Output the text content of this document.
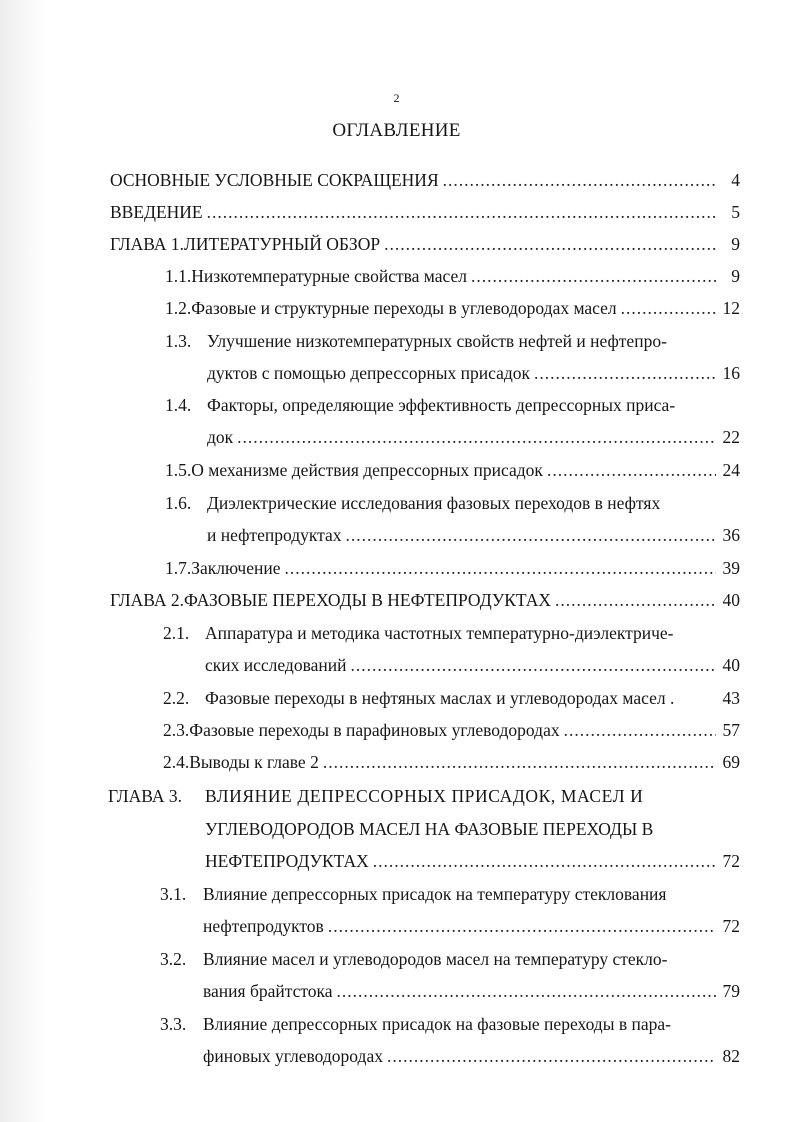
2
ОГЛАВЛЕНИЕ
ОСНОВНЫЕ УСЛОВНЫЕ СОКРАЩЕНИЯ .....	4
ВВЕДЕНИЕ .....	5
ГЛАВА 1. ЛИТЕРАТУРНЫЙ ОБЗОР .....	9
1.1. Низкотемпературные свойства масел .....	9
1.2. Фазовые и структурные переходы в углеводородах масел .....	12
1.3. Улучшение низкотемпературных свойств нефтей и нефтепро-
дуктов с помощью депрессорных присадок .....	16
1.4. Факторы, определяющие эффективность депрессорных приса-
док .....	22
1.5. О механизме действия депрессорных присадок .....	24
1.6. Диэлектрические исследования фазовых переходов в нефтях
и нефтепродуктах .....	36
1.7. Заключение .....	39
ГЛАВА 2. ФАЗОВЫЕ ПЕРЕХОДЫ В НЕФТЕПРОДУКТАХ .....	40
2.1. Аппаратура и методика частотных температурно-диэлектриче-
ских исследований .....	40
2.2. Фазовые переходы в нефтяных маслах и углеводородах масел .	43
2.3. Фазовые переходы в парафиновых углеводородах .....	57
2.4. Выводы к главе 2 .....	69
ГЛАВА 3.	ВЛИЯНИЕ ДЕПРЕССОРНЫХ ПРИСАДОК, МАСЕЛ И
УГЛЕВОДОРОДОВ МАСЕЛ НА ФАЗОВЫЕ ПЕРЕХОДЫ В
НЕФТЕПРОДУКТАХ .....	72
3.1. Влияние депрессорных присадок на температуру стеклования
нефтепродуктов .....	72
3.2. Влияние масел и углеводородов масел на температуру стекло-
вания брайтстока .....	79
3.3. Влияние депрессорных присадок на фазовые переходы в пара-
финовых углеводородах .....	82
